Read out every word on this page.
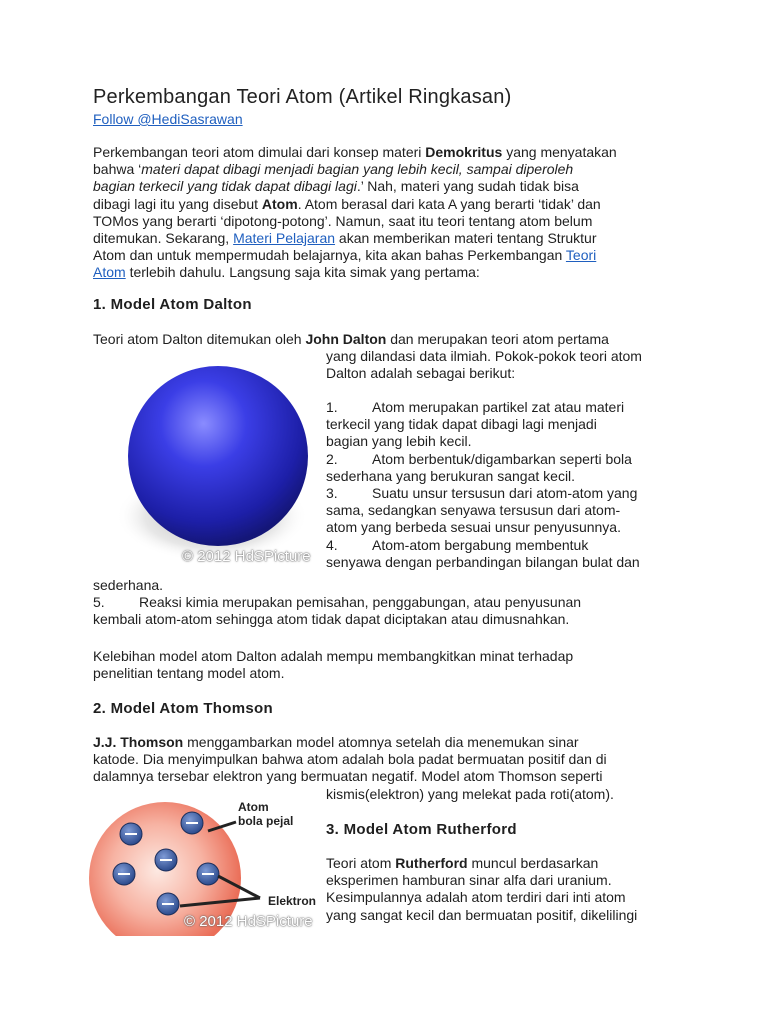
Perkembangan Teori Atom (Artikel Ringkasan)
Follow @HediSasrawan
Perkembangan teori atom dimulai dari konsep materi Demokritus yang menyatakan
bahwa ‘materi dapat dibagi menjadi bagian yang lebih kecil, sampai diperoleh
bagian terkecil yang tidak dapat dibagi lagi.’ Nah, materi yang sudah tidak bisa
dibagi lagi itu yang disebut Atom. Atom berasal dari kata A yang berarti ‘tidak’ dan
TOMos yang berarti ‘dipotong-potong’. Namun, saat itu teori tentang atom belum
ditemukan. Sekarang, Materi Pelajaran akan memberikan materi tentang Struktur
Atom dan untuk mempermudah belajarnya, kita akan bahas Perkembangan Teori
Atom terlebih dahulu. Langsung saja kita simak yang pertama:
1. Model Atom Dalton
© 2012 HdSPicture
Teori atom Dalton ditemukan oleh John Dalton dan merupakan teori atom pertama
yang dilandasi data ilmiah. Pokok-pokok teori atom
Dalton adalah sebagai berikut:
1. Atom merupakan partikel zat atau materi
terkecil yang tidak dapat dibagi lagi menjadi
bagian yang lebih kecil.
2. Atom berbentuk/digambarkan seperti bola
sederhana yang berukuran sangat kecil.
3. Suatu unsur tersusun dari atom-atom yang
sama, sedangkan senyawa tersusun dari atom-
atom yang berbeda sesuai unsur penyusunnya.
4. Atom-atom bergabung membentuk
senyawa dengan perbandingan bilangan bulat dan
sederhana.
5. Reaksi kimia merupakan pemisahan, penggabungan, atau penyusunan
kembali atom-atom sehingga atom tidak dapat diciptakan atau dimusnahkan.
Kelebihan model atom Dalton adalah mempu membangkitkan minat terhadap
penelitian tentang model atom.
2. Model Atom Thomson
J.J. Thomson menggambarkan model atomnya setelah dia menemukan sinar
katode. Dia menyimpulkan bahwa atom adalah bola padat bermuatan positif dan di
dalamnya tersebar elektron yang bermuatan negatif. Model atom Thomson seperti
kismis(elektron) yang melekat pada roti(atom).
Atom
bola pejal
Elektron
© 2012 HdSPicture
3. Model Atom Rutherford
Teori atom Rutherford muncul berdasarkan
eksperimen hamburan sinar alfa dari uranium.
Kesimpulannya adalah atom terdiri dari inti atom
yang sangat kecil dan bermuatan positif, dikelilingi
